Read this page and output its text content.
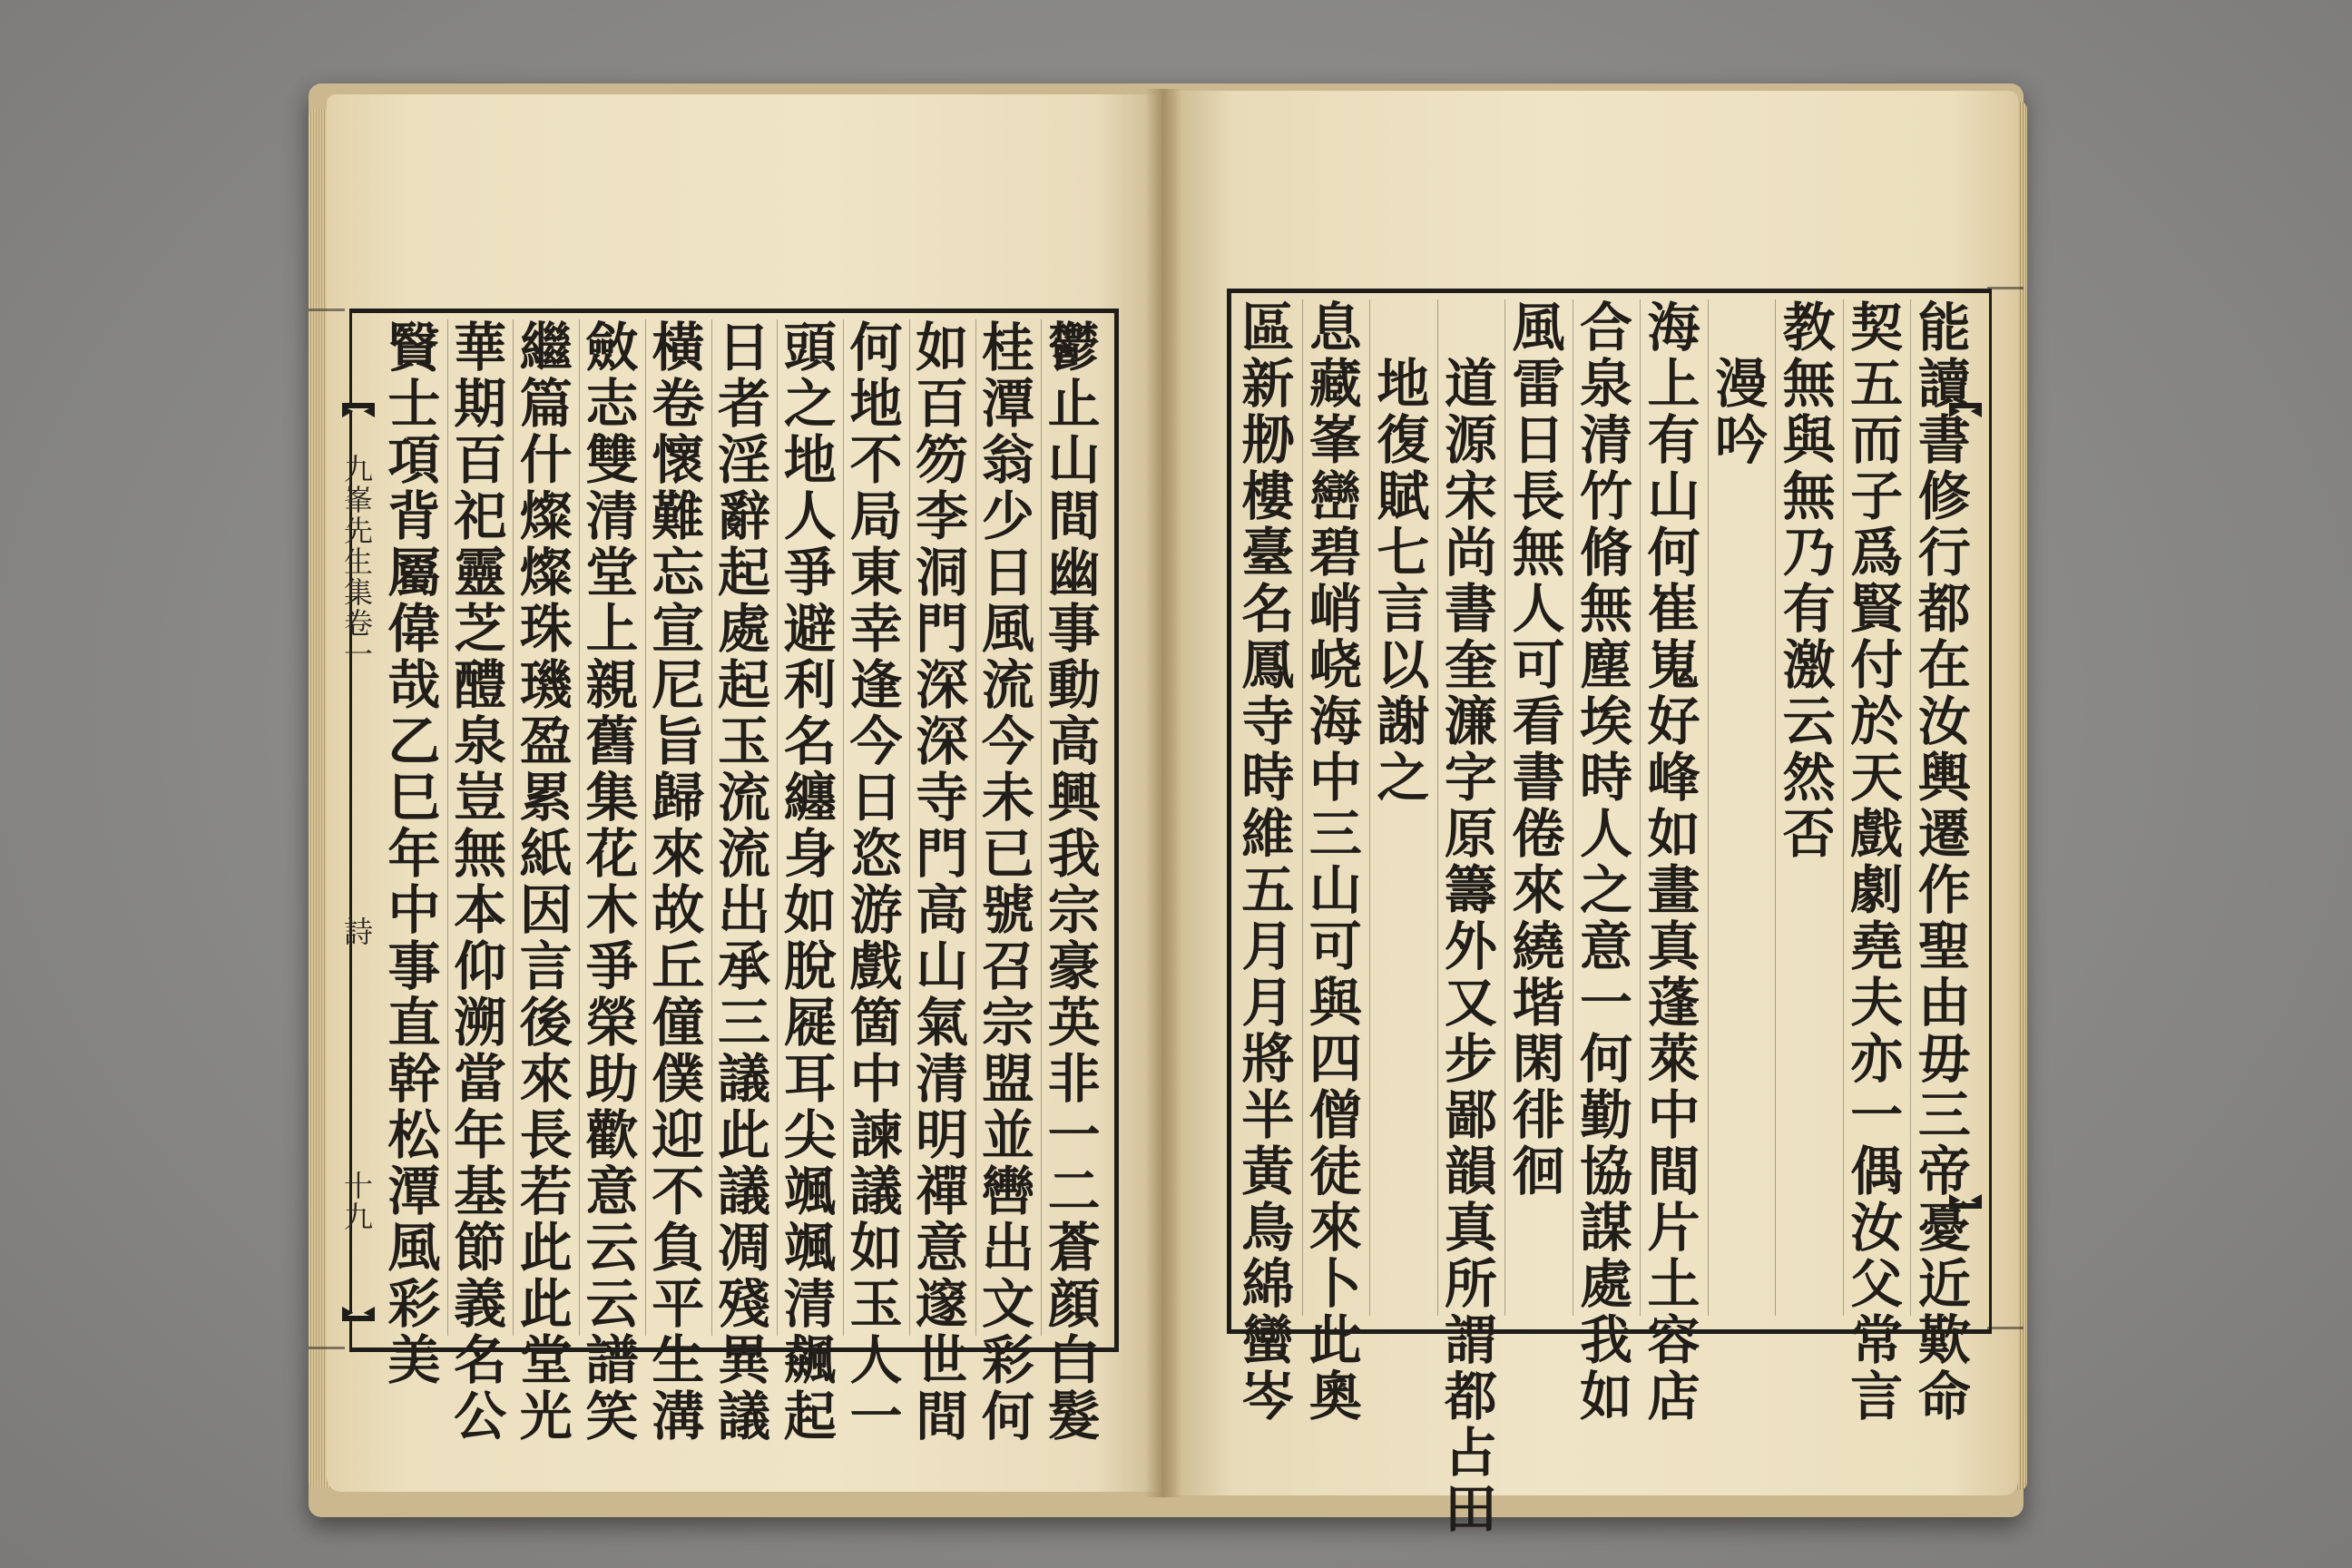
九
峯
先
生
集
卷
一
詩
十
九
贀
士
項
背
屬
偉
哉
乙
巳
年
中
事
直
幹
松
潭
風
彩
美
華
期
百
祀
靈
芝
醴
泉
豈
無
本
仰
溯
當
年
基
節
義
名
公
繼
篇
什
燦
燦
珠
璣
盈
累
紙
因
言
後
來
長
若
此
此
堂
光
斂
志
雙
清
堂
上
親
舊
集
花
木
爭
榮
助
歡
意
云
云
譜
笑
橫
卷
懷
難
忘
宣
尼
旨
歸
來
故
丘
僮
僕
迎
不
負
平
生
溝
日
者
淫
辭
起
處
起
玉
流
流
出
承
三
議
此
議
凋
殘
異
議
頭
之
地
人
爭
避
利
名
纏
身
如
脫
屣
耳
尖
颯
颯
清
飆
起
何
地
不
局
東
幸
逢
今
日
恣
游
戲
箇
中
諫
議
如
玉
人
一
如
百
笏
李
洞
門
深
深
寺
門
高
山
氣
清
明
禪
意
邃
世
間
桂
潭
翁
少
日
風
流
今
未
已
號
召
宗
盟
並
轡
出
文
彩
何
鬱
止
山
間
幽
事
動
高
興
我
宗
豪
英
非
一
二
蒼
顔
白
髮
區
新
刱
樓
臺
名
鳳
寺
時
維
五
月
月
將
半
黃
鳥
綿
蠻
岑
息
藏
峯
巒
碧
峭
峣
海
中
三
山
可
與
四
僧
徒
來
卜
此
奧
地
復
賦
七
言
以
謝
之
道
源
宋
尚
書
奎
濂
字
原
籌
外
又
步
鄙
韻
真
所
謂
都
占
田
風
雷
日
長
無
人
可
看
書
倦
來
繞
堦
閑
徘
徊
合
泉
清
竹
脩
無
塵
埃
時
人
之
意
一
何
勤
協
謀
處
我
如
海
上
有
山
何
崔
嵬
好
峰
如
畫
真
蓬
萊
中
間
片
土
容
店
漫
吟
教
無
與
無
乃
有
激
云
然
否
契
五
而
子
爲
賢
付
於
天
戲
劇
堯
夫
亦
一
偶
汝
父
常
言
能
讀
書
修
行
都
在
汝
輿
遷
作
聖
由
毋
三
帝
憂
近
歎
命
